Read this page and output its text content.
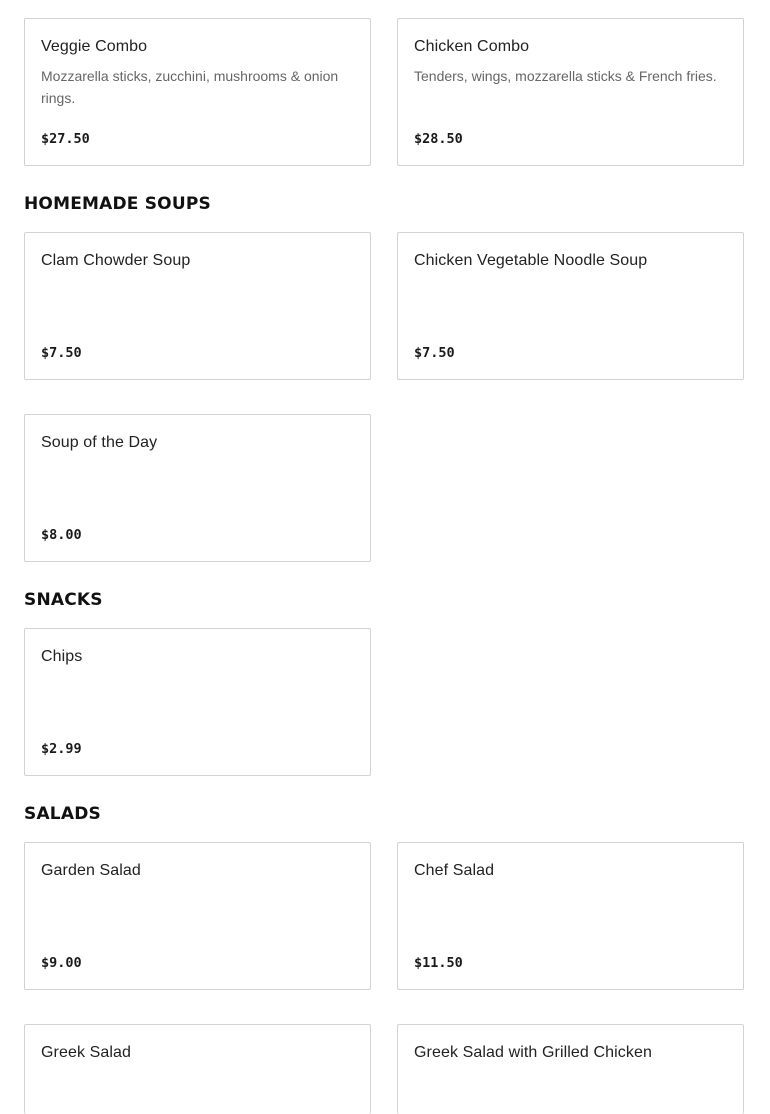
Veggie Combo
Mozzarella sticks, zucchini, mushrooms & onion rings.
$27.50
Chicken Combo
Tenders, wings, mozzarella sticks & French fries.
$28.50
HOMEMADE SOUPS
Clam Chowder Soup
$7.50
Chicken Vegetable Noodle Soup
$7.50
Soup of the Day
$8.00
SNACKS
Chips
$2.99
SALADS
Garden Salad
$9.00
Chef Salad
$11.50
Greek Salad	Greek Salad with Grilled Chicken
